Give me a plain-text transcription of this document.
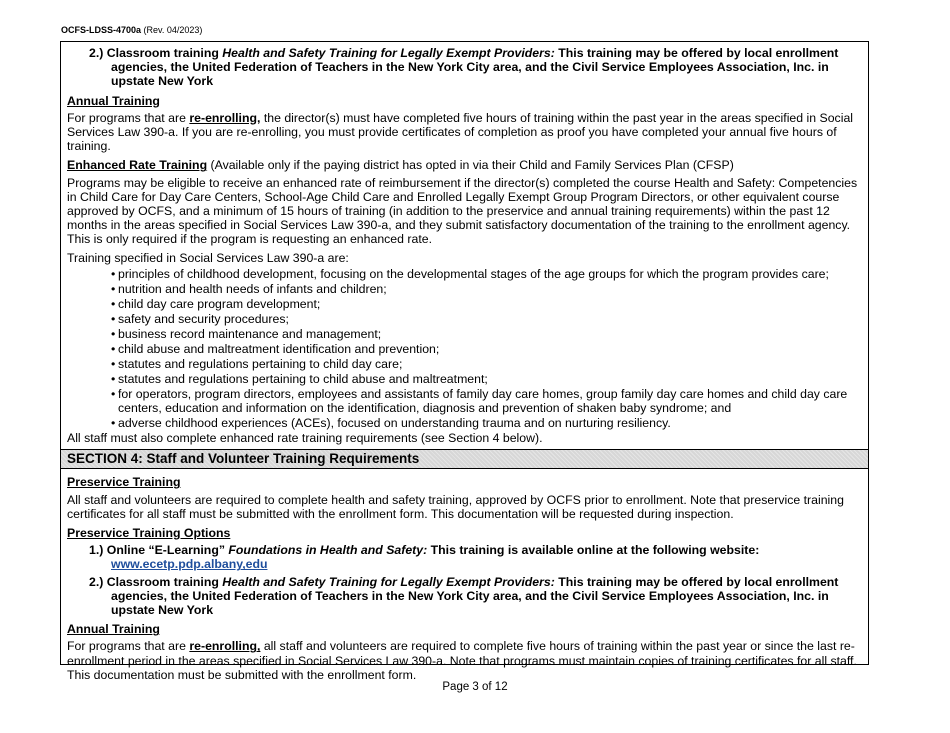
OCFS-LDSS-4700a (Rev. 04/2023)
2.) Classroom training Health and Safety Training for Legally Exempt Providers: This training may be offered by local enrollment agencies, the United Federation of Teachers in the New York City area, and the Civil Service Employees Association, Inc. in upstate New York
Annual Training

For programs that are re-enrolling, the director(s) must have completed five hours of training within the past year in the areas specified in Social Services Law 390-a. If you are re-enrolling, you must provide certificates of completion as proof you have completed your annual five hours of training.

Enhanced Rate Training (Available only if the paying district has opted in via their Child and Family Services Plan (CFSP)

Programs may be eligible to receive an enhanced rate of reimbursement if the director(s) completed the course Health and Safety: Competencies in Child Care for Day Care Centers, School-Age Child Care and Enrolled Legally Exempt Group Program Directors, or other equivalent course approved by OCFS, and a minimum of 15 hours of training (in addition to the preservice and annual training requirements) within the past 12 months in the areas specified in Social Services Law 390-a, and they submit satisfactory documentation of the training to the enrollment agency. This is only required if the program is requesting an enhanced rate.

Training specified in Social Services Law 390-a are:

• principles of childhood development, focusing on the developmental stages of the age groups for which the program provides care;
• nutrition and health needs of infants and children;
• child day care program development;
• safety and security procedures;
• business record maintenance and management;
• child abuse and maltreatment identification and prevention;
• statutes and regulations pertaining to child day care;
• statutes and regulations pertaining to child abuse and maltreatment;
• for operators, program directors, employees and assistants of family day care homes, group family day care homes and child day care centers, education and information on the identification, diagnosis and prevention of shaken baby syndrome; and
• adverse childhood experiences (ACEs), focused on understanding trauma and on nurturing resiliency.

All staff must also complete enhanced rate training requirements (see Section 4 below).

SECTION 4: Staff and Volunteer Training Requirements
Preservice Training

All staff and volunteers are required to complete health and safety training, approved by OCFS prior to enrollment. Note that preservice training certificates for all staff must be submitted with the enrollment form. This documentation will be requested during inspection.

Preservice Training Options
1.) Online “E-Learning” Foundations in Health and Safety: This training is available online at the following website:
www.ecetp.pdp.albany,edu
2.) Classroom training Health and Safety Training for Legally Exempt Providers: This training may be offered by local enrollment agencies, the United Federation of Teachers in the New York City area, and the Civil Service Employees Association, Inc. in upstate New York
Annual Training

For programs that are re-enrolling, all staff and volunteers are required to complete five hours of training within the past year or since the last re-enrollment period in the areas specified in Social Services Law 390-a. Note that programs must maintain copies of training certificates for all staff. This documentation must be submitted with the enrollment form.

Page 3 of 12
